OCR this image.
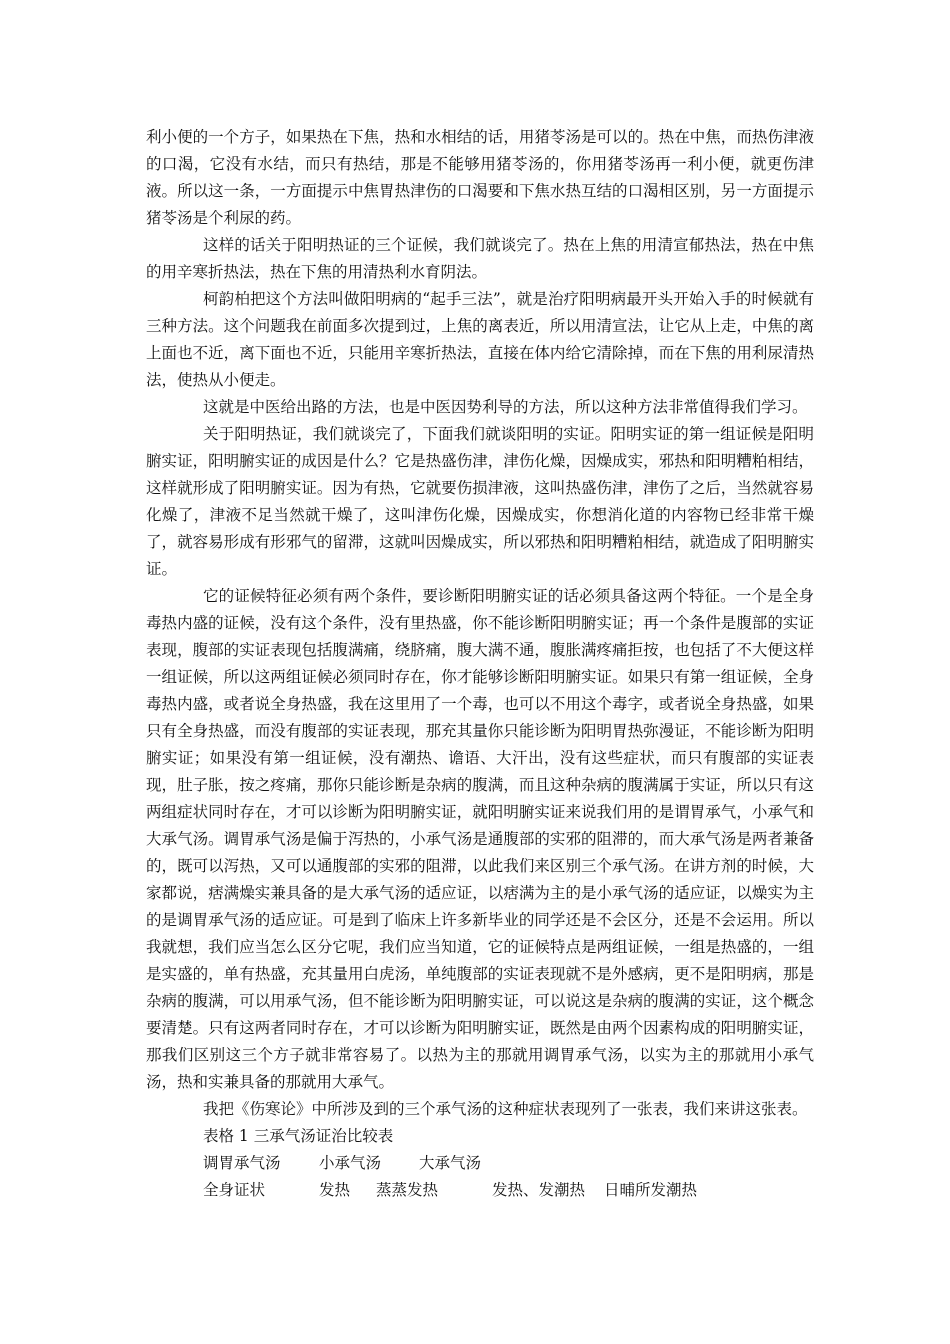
利小便的一个方子，如果热在下焦，热和水相结的话，用猪苓汤是可以的。热在中焦，而热伤津液的口渴，它没有水结，而只有热结，那是不能够用猪苓汤的，你用猪苓汤再一利小便，就更伤津液。所以这一条，一方面提示中焦胃热津伤的口渴要和下焦水热互结的口渴相区别，另一方面提示猪苓汤是个利尿的药。

这样的话关于阳明热证的三个证候，我们就谈完了。热在上焦的用清宣郁热法，热在中焦的用辛寒折热法，热在下焦的用清热利水育阴法。

柯韵柏把这个方法叫做阳明病的“起手三法”，就是治疗阳明病最开头开始入手的时候就有三种方法。这个问题我在前面多次提到过，上焦的离表近，所以用清宣法，让它从上走，中焦的离上面也不近，离下面也不近，只能用辛寒折热法，直接在体内给它清除掉，而在下焦的用利尿清热法，使热从小便走。

这就是中医给出路的方法，也是中医因势利导的方法，所以这种方法非常值得我们学习。

关于阳明热证，我们就谈完了，下面我们就谈阳明的实证。阳明实证的第一组证候是阳明腑实证，阳明腑实证的成因是什么？它是热盛伤津，津伤化燥，因燥成实，邪热和阳明糟粕相结，这样就形成了阳明腑实证。因为有热，它就要伤损津液，这叫热盛伤津，津伤了之后，当然就容易化燥了，津液不足当然就干燥了，这叫津伤化燥，因燥成实，你想消化道的内容物已经非常干燥了，就容易形成有形邪气的留滞，这就叫因燥成实，所以邪热和阳明糟粕相结，就造成了阳明腑实证。

它的证候特征必须有两个条件，要诊断阳明腑实证的话必须具备这两个特征。一个是全身毒热内盛的证候，没有这个条件，没有里热盛，你不能诊断阳明腑实证；再一个条件是腹部的实证表现，腹部的实证表现包括腹满痛，绕脐痛，腹大满不通，腹胀满疼痛拒按，也包括了不大便这样一组证候，所以这两组证候必须同时存在，你才能够诊断阳明腑实证。如果只有第一组证候，全身毒热内盛，或者说全身热盛，我在这里用了一个毒，也可以不用这个毒字，或者说全身热盛，如果只有全身热盛，而没有腹部的实证表现，那充其量你只能诊断为阳明胃热弥漫证，不能诊断为阳明腑实证；如果没有第一组证候，没有潮热、谵语、大汗出，没有这些症状，而只有腹部的实证表现，肚子胀，按之疼痛，那你只能诊断是杂病的腹满，而且这种杂病的腹满属于实证，所以只有这两组症状同时存在，才可以诊断为阳明腑实证，就阳明腑实证来说我们用的是谓胃承气，小承气和大承气汤。调胃承气汤是偏于泻热的，小承气汤是通腹部的实邪的阻滞的，而大承气汤是两者兼备的，既可以泻热，又可以通腹部的实邪的阻滞，以此我们来区别三个承气汤。在讲方剂的时候，大家都说，痞满燥实兼具备的是大承气汤的适应证，以痞满为主的是小承气汤的适应证，以燥实为主的是调胃承气汤的适应证。可是到了临床上许多新毕业的同学还是不会区分，还是不会运用。所以我就想，我们应当怎么区分它呢，我们应当知道，它的证候特点是两组证候，一组是热盛的，一组是实盛的，单有热盛，充其量用白虎汤，单纯腹部的实证表现就不是外感病，更不是阳明病，那是杂病的腹满，可以用承气汤，但不能诊断为阳明腑实证，可以说这是杂病的腹满的实证，这个概念要清楚。只有这两者同时存在，才可以诊断为阳明腑实证，既然是由两个因素构成的阳明腑实证，那我们区别这三个方子就非常容易了。以热为主的那就用调胃承气汤，以实为主的那就用小承气汤，热和实兼具备的那就用大承气。

我把《伤寒论》中所涉及到的三个承气汤的这种症状表现列了一张表，我们来讲这张表。

表格 1 三承气汤证治比较表

调胃承气汤 小承气汤 大承气汤
全身证状	发热 蒸蒸发热	发热、发潮热 日晡所发潮热
